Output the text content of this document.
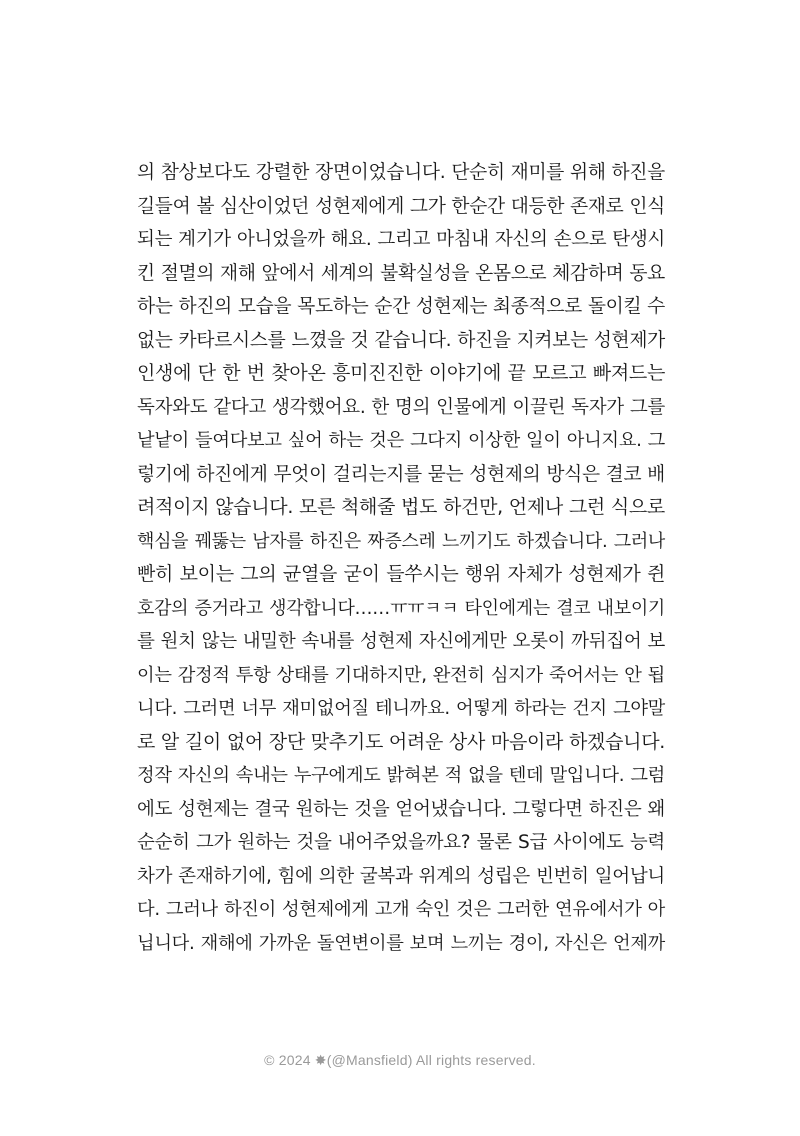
의 참상보다도 강렬한 장면이었습니다. 단순히 재미를 위해 하진을
길들여 볼 심산이었던 성현제에게 그가 한순간 대등한 존재로 인식
되는 계기가 아니었을까 해요. 그리고 마침내 자신의 손으로 탄생시
킨 절멸의 재해 앞에서 세계의 불확실성을 온몸으로 체감하며 동요
하는 하진의 모습을 목도하는 순간 성현제는 최종적으로 돌이킬 수
없는 카타르시스를 느꼈을 것 같습니다. 하진을 지켜보는 성현제가
인생에 단 한 번 찾아온 흥미진진한 이야기에 끝 모르고 빠져드는
독자와도 같다고 생각했어요. 한 명의 인물에게 이끌린 독자가 그를
낱낱이 들여다보고 싶어 하는 것은 그다지 이상한 일이 아니지요. 그
렇기에 하진에게 무엇이 걸리는지를 묻는 성현제의 방식은 결코 배
려적이지 않습니다. 모른 척해줄 법도 하건만, 언제나 그런 식으로
핵심을 꿰뚫는 남자를 하진은 짜증스레 느끼기도 하겠습니다. 그러나
빤히 보이는 그의 균열을 굳이 들쑤시는 행위 자체가 성현제가 쥔
호감의 증거라고 생각합니다……ㅠㅠㅋㅋ 타인에게는 결코 내보이기
를 원치 않는 내밀한 속내를 성현제 자신에게만 오롯이 까뒤집어 보
이는 감정적 투항 상태를 기대하지만, 완전히 심지가 죽어서는 안 됩
니다. 그러면 너무 재미없어질 테니까요. 어떻게 하라는 건지 그야말
로 알 길이 없어 장단 맞추기도 어려운 상사 마음이라 하겠습니다.
정작 자신의 속내는 누구에게도 밝혀본 적 없을 텐데 말입니다. 그럼
에도 성현제는 결국 원하는 것을 얻어냈습니다. 그렇다면 하진은 왜
순순히 그가 원하는 것을 내어주었을까요? 물론 S급 사이에도 능력
차가 존재하기에, 힘에 의한 굴복과 위계의 성립은 빈번히 일어납니
다. 그러나 하진이 성현제에게 고개 숙인 것은 그러한 연유에서가 아
닙니다. 재해에 가까운 돌연변이를 보며 느끼는 경이, 자신은 언제까
© 2024 ✸(@Mansfield) All rights reserved.
